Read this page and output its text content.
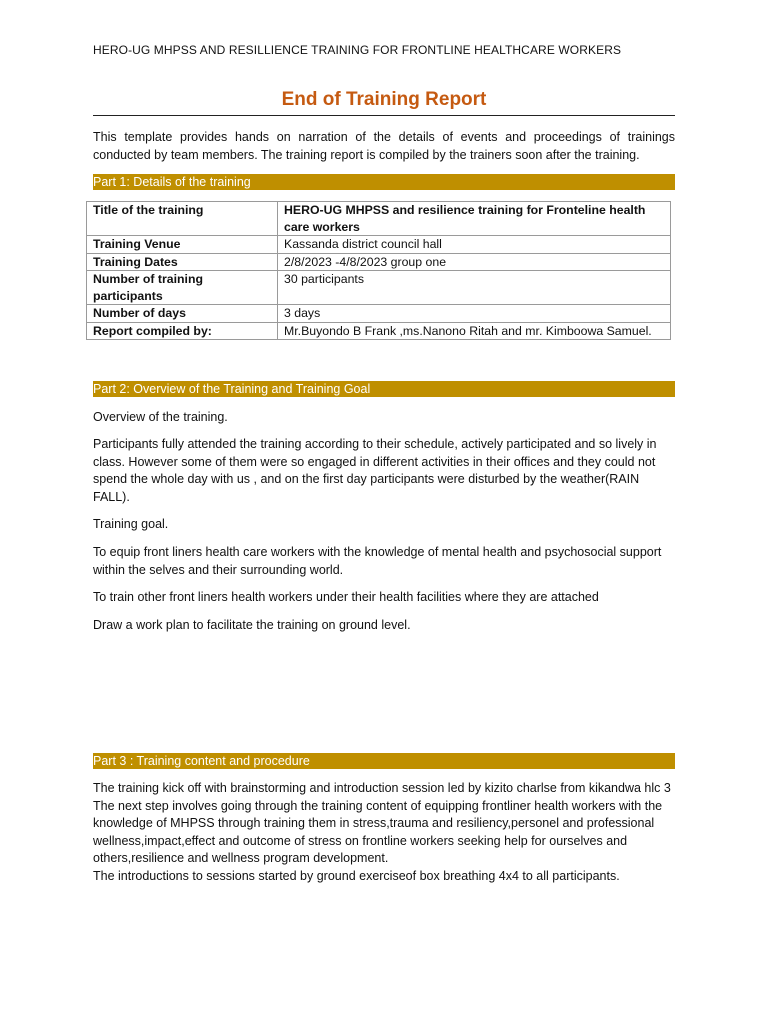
HERO-UG MHPSS AND RESILLIENCE TRAINING FOR FRONTLINE HEALTHCARE WORKERS
End of Training Report
This template provides hands on narration of the details of events and proceedings of trainings conducted by team members. The training report is compiled by the trainers soon after the training.
Part 1: Details of the training
Title of the training	HERO-UG MHPSS and resilience training for Fronteline health care workers
Training Venue	Kassanda district council hall
Training Dates	2/8/2023 -4/8/2023 group one
Number of training participants	30 participants
Number of days	3 days
Report compiled by:	Mr.Buyondo B Frank ,ms.Nanono Ritah and mr. Kimboowa Samuel.
Part 2: Overview of the Training and Training Goal

Overview of the training.

Participants fully attended the training according to their schedule, actively participated and so lively in class. However some of them were so engaged in different activities in their offices and they could not spend the whole day with us , and on the first day participants were disturbed by the weather(RAIN FALL).

Training goal.

To equip front liners health care workers with the knowledge of mental health and psychosocial support within the selves and their surrounding world.

To train other front liners health workers under their health facilities where they are attached

Draw a work plan to facilitate the training on ground level.

Part 3 : Training content and procedure
The training kick off with brainstorming and introduction session led by kizito charlse from kikandwa hlc 3
The next step involves going through the training content of equipping frontliner health workers with the knowledge of MHPSS through training them in stress,trauma and resiliency,personel and professional wellness,impact,effect and outcome of stress on frontline workers seeking help for ourselves and others,resilience and wellness program development.
The introductions to sessions started by ground exerciseof box breathing 4x4 to all participants.
